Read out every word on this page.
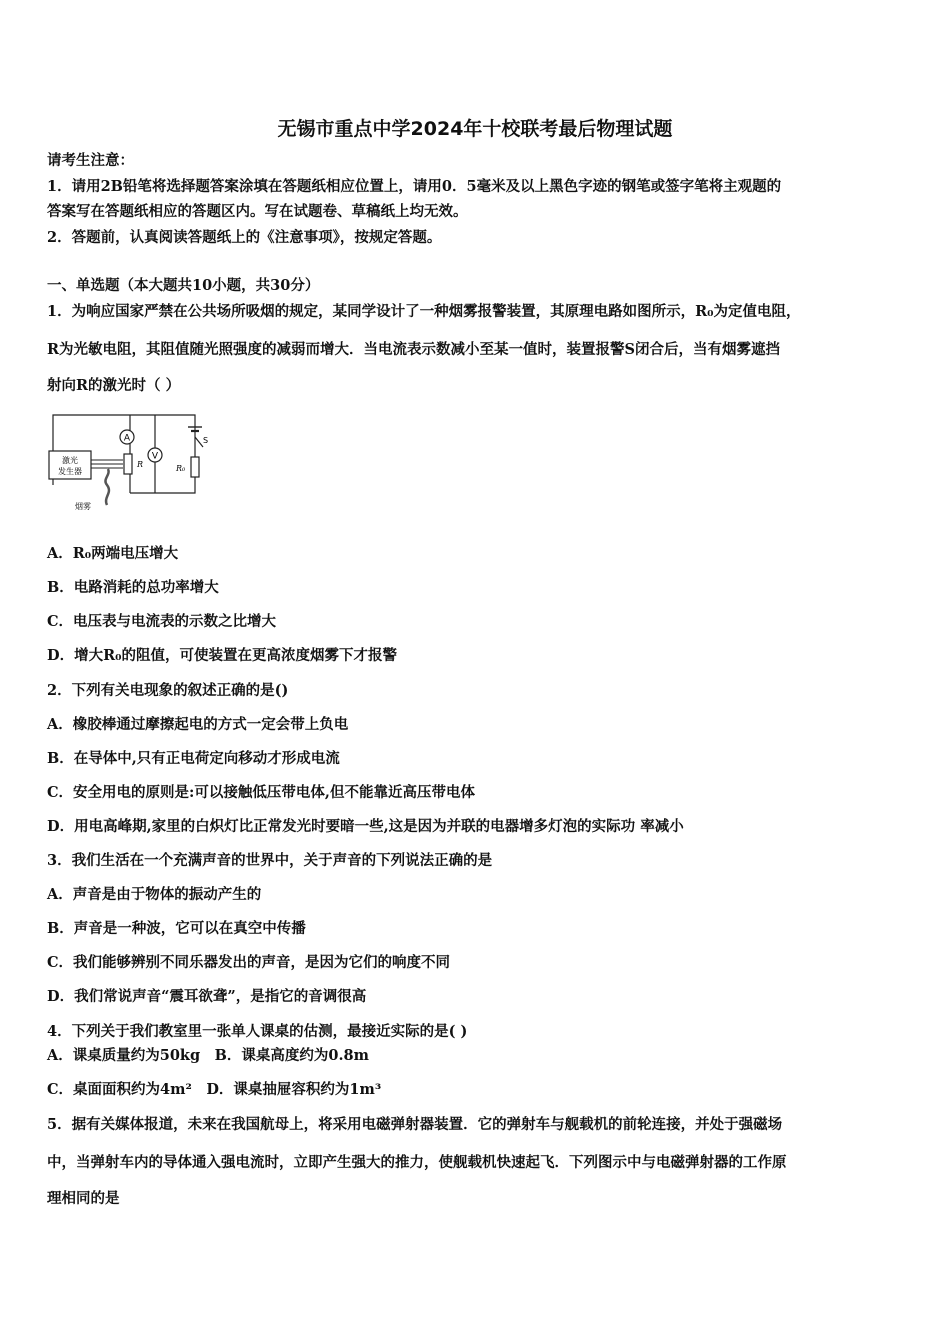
无锡市重点中学2024年十校联考最后物理试题
请考生注意：
1．请用2B铅笔将选择题答案涂填在答题纸相应位置上，请用0．5毫米及以上黑色字迹的钢笔或签字笔将主观题的
答案写在答题纸相应的答题区内。写在试题卷、草稿纸上均无效。
2．答题前，认真阅读答题纸上的《注意事项》，按规定答题。
一、单选题（本大题共10小题，共30分）
1．为响应国家严禁在公共场所吸烟的规定，某同学设计了一种烟雾报警装置，其原理电路如图所示，R₀为定值电阻，
R为光敏电阻，其阻值随光照强度的减弱而增大．当电流表示数减小至某一值时，装置报警S闭合后，当有烟雾遮挡
射向R的激光时（ ）
A
R
V
S
R₀
激光
发生器
烟雾
A．R₀两端电压增大
B．电路消耗的总功率增大
C．电压表与电流表的示数之比增大
D．增大R₀的阻值，可使装置在更高浓度烟雾下才报警
2．下列有关电现象的叙述正确的是()
A．橡胶棒通过摩擦起电的方式一定会带上负电
B．在导体中,只有正电荷定向移动才形成电流
C．安全用电的原则是:可以接触低压带电体,但不能靠近高压带电体
D．用电高峰期,家里的白炽灯比正常发光时要暗一些,这是因为并联的电器增多灯泡的实际功 率减小
3．我们生活在一个充满声音的世界中，关于声音的下列说法正确的是
A．声音是由于物体的振动产生的
B．声音是一种波，它可以在真空中传播
C．我们能够辨别不同乐器发出的声音，是因为它们的响度不同
D．我们常说声音“震耳欲聋”，是指它的音调很高
4．下列关于我们教室里一张单人课桌的估测，最接近实际的是( )
A．课桌质量约为50kg　B．课桌高度约为0.8m
C．桌面面积约为4m²　D．课桌抽屉容积约为1m³
5．据有关媒体报道，未来在我国航母上，将采用电磁弹射器装置．它的弹射车与舰载机的前轮连接，并处于强磁场
中，当弹射车内的导体通入强电流时，立即产生强大的推力，使舰载机快速起飞．下列图示中与电磁弹射器的工作原
理相同的是
